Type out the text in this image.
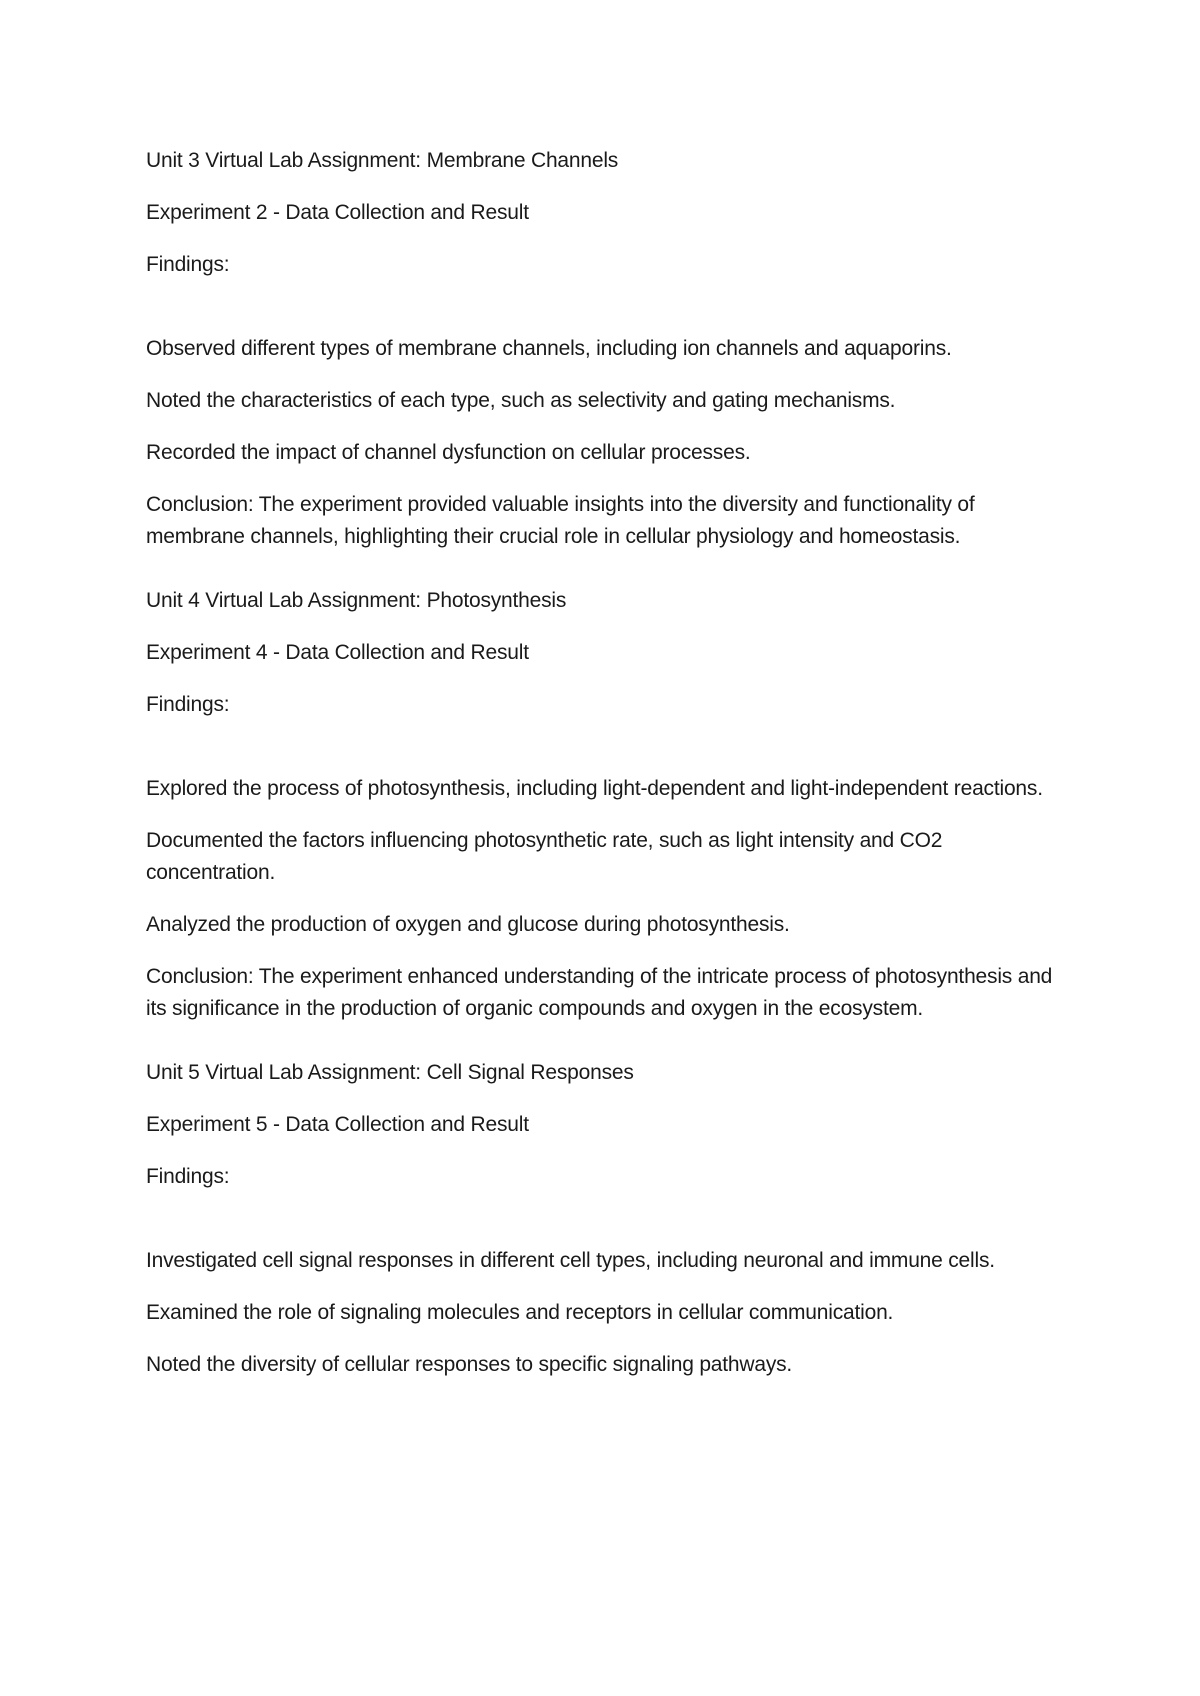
Unit 3 Virtual Lab Assignment: Membrane Channels

Experiment 2 - Data Collection and Result

Findings:

Observed different types of membrane channels, including ion channels and aquaporins.

Noted the characteristics of each type, such as selectivity and gating mechanisms.

Recorded the impact of channel dysfunction on cellular processes.

Conclusion: The experiment provided valuable insights into the diversity and functionality of membrane channels, highlighting their crucial role in cellular physiology and homeostasis.

Unit 4 Virtual Lab Assignment: Photosynthesis

Experiment 4 - Data Collection and Result

Findings:

Explored the process of photosynthesis, including light-dependent and light-independent reactions.

Documented the factors influencing photosynthetic rate, such as light intensity and CO2 concentration.

Analyzed the production of oxygen and glucose during photosynthesis.

Conclusion: The experiment enhanced understanding of the intricate process of photosynthesis and its significance in the production of organic compounds and oxygen in the ecosystem.

Unit 5 Virtual Lab Assignment: Cell Signal Responses

Experiment 5 - Data Collection and Result

Findings:

Investigated cell signal responses in different cell types, including neuronal and immune cells.

Examined the role of signaling molecules and receptors in cellular communication.

Noted the diversity of cellular responses to specific signaling pathways.
